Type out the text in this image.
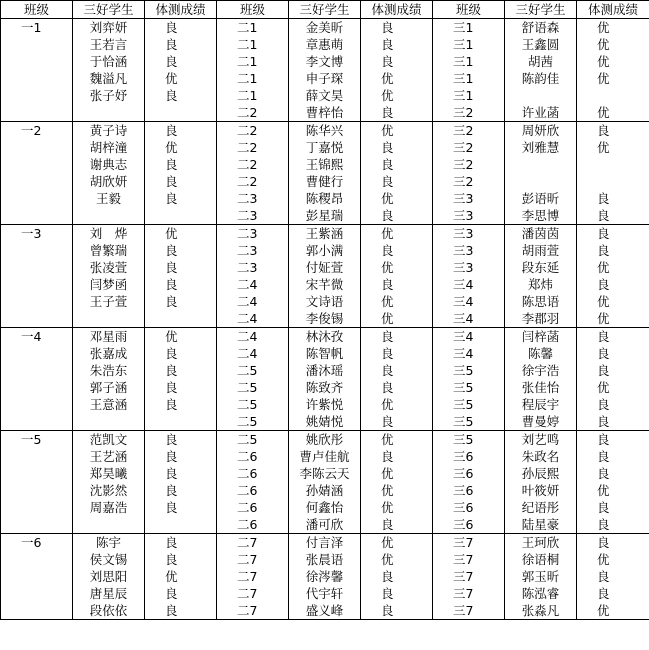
班级	三好学生	体测成绩	班级	三好学生	体测成绩	班级	三好学生	体测成绩
一1	刘弈妍	良	二1	金美昕	良	三1	舒语森	优
	王若言	良	二1	章惠萌	良	三1	王鑫圆	优
	于恰涵	良	二1	李文博	良	三1	胡茜	优
	魏溢凡	优	二1	申子琛	优	三1	陈韵佳	优
	张子妤	良	二1	薛文昊	优	三1		
			二2	曹梓怡	良	三2	许业菡	优
一2	黄子诗	良	二2	陈华兴	优	三2	周妍欣	良
	胡梓潼	优	二2	丁嘉悦	良	三2	刘雅慧	优
	谢典志	良	二2	王锦熙	良	三2		
	胡欣妍	良	二2	曹健行	良	三2		
	王毅	良	二3	陈稷昂	优	三3	彭语昕	良
			二3	彭星瑞	良	三3	李思博	良
一3	刘　烨	优	二3	王紫涵	优	三3	潘茵茵	良
	曾繁瑞	良	二3	郭小满	良	三3	胡雨萱	良
	张凌萱	良	二3	付姃萱	优	三3	段东延	优
	闫梦函	良	二4	宋芊微	良	三4	郑炜	良
	王子萱	良	二4	文诗语	优	三4	陈思语	优
			二4	李俊锡	优	三4	李郡羽	优
一4	邓星雨	优	二4	林沐孜	良	三4	闫梓菡	良
	张嘉成	良	二4	陈智帆	良	三4	陈馨	良
	朱浩东	良	二5	潘沐瑶	良	三5	徐宇浩	良
	郭子涵	良	二5	陈致齐	良	三5	张佳怡	优
	王意涵	良	二5	许紫悦	优	三5	程辰宇	良
			二5	姚婧悦	良	三5	曹曼婷	良
一5	范凯文	良	二5	姚欣彤	优	三5	刘艺鸣	良
	王艺涵	良	二6	曹卢佳航	良	三6	朱政名	良
	郑昊曦	良	二6	李陈云天	优	三6	孙辰熙	良
	沈影然	良	二6	孙婧涵	优	三6	叶筱妍	优
	周嘉浩	良	二6	何鑫怡	优	三6	纪语彤	良
			二6	潘可欣	良	三6	陆星豪	良
一6	陈宇	良	二7	付言泽	优	三7	王珂欣	良
	侯文锡	良	二7	张晨语	优	三7	徐语桐	优
	刘思阳	优	二7	徐涔馨	良	三7	郭玉昕	良
	唐星辰	良	二7	代宇轩	良	三7	陈泓睿	良
	段依依	良	二7	盛义峰	良	三7	张淼凡	优
